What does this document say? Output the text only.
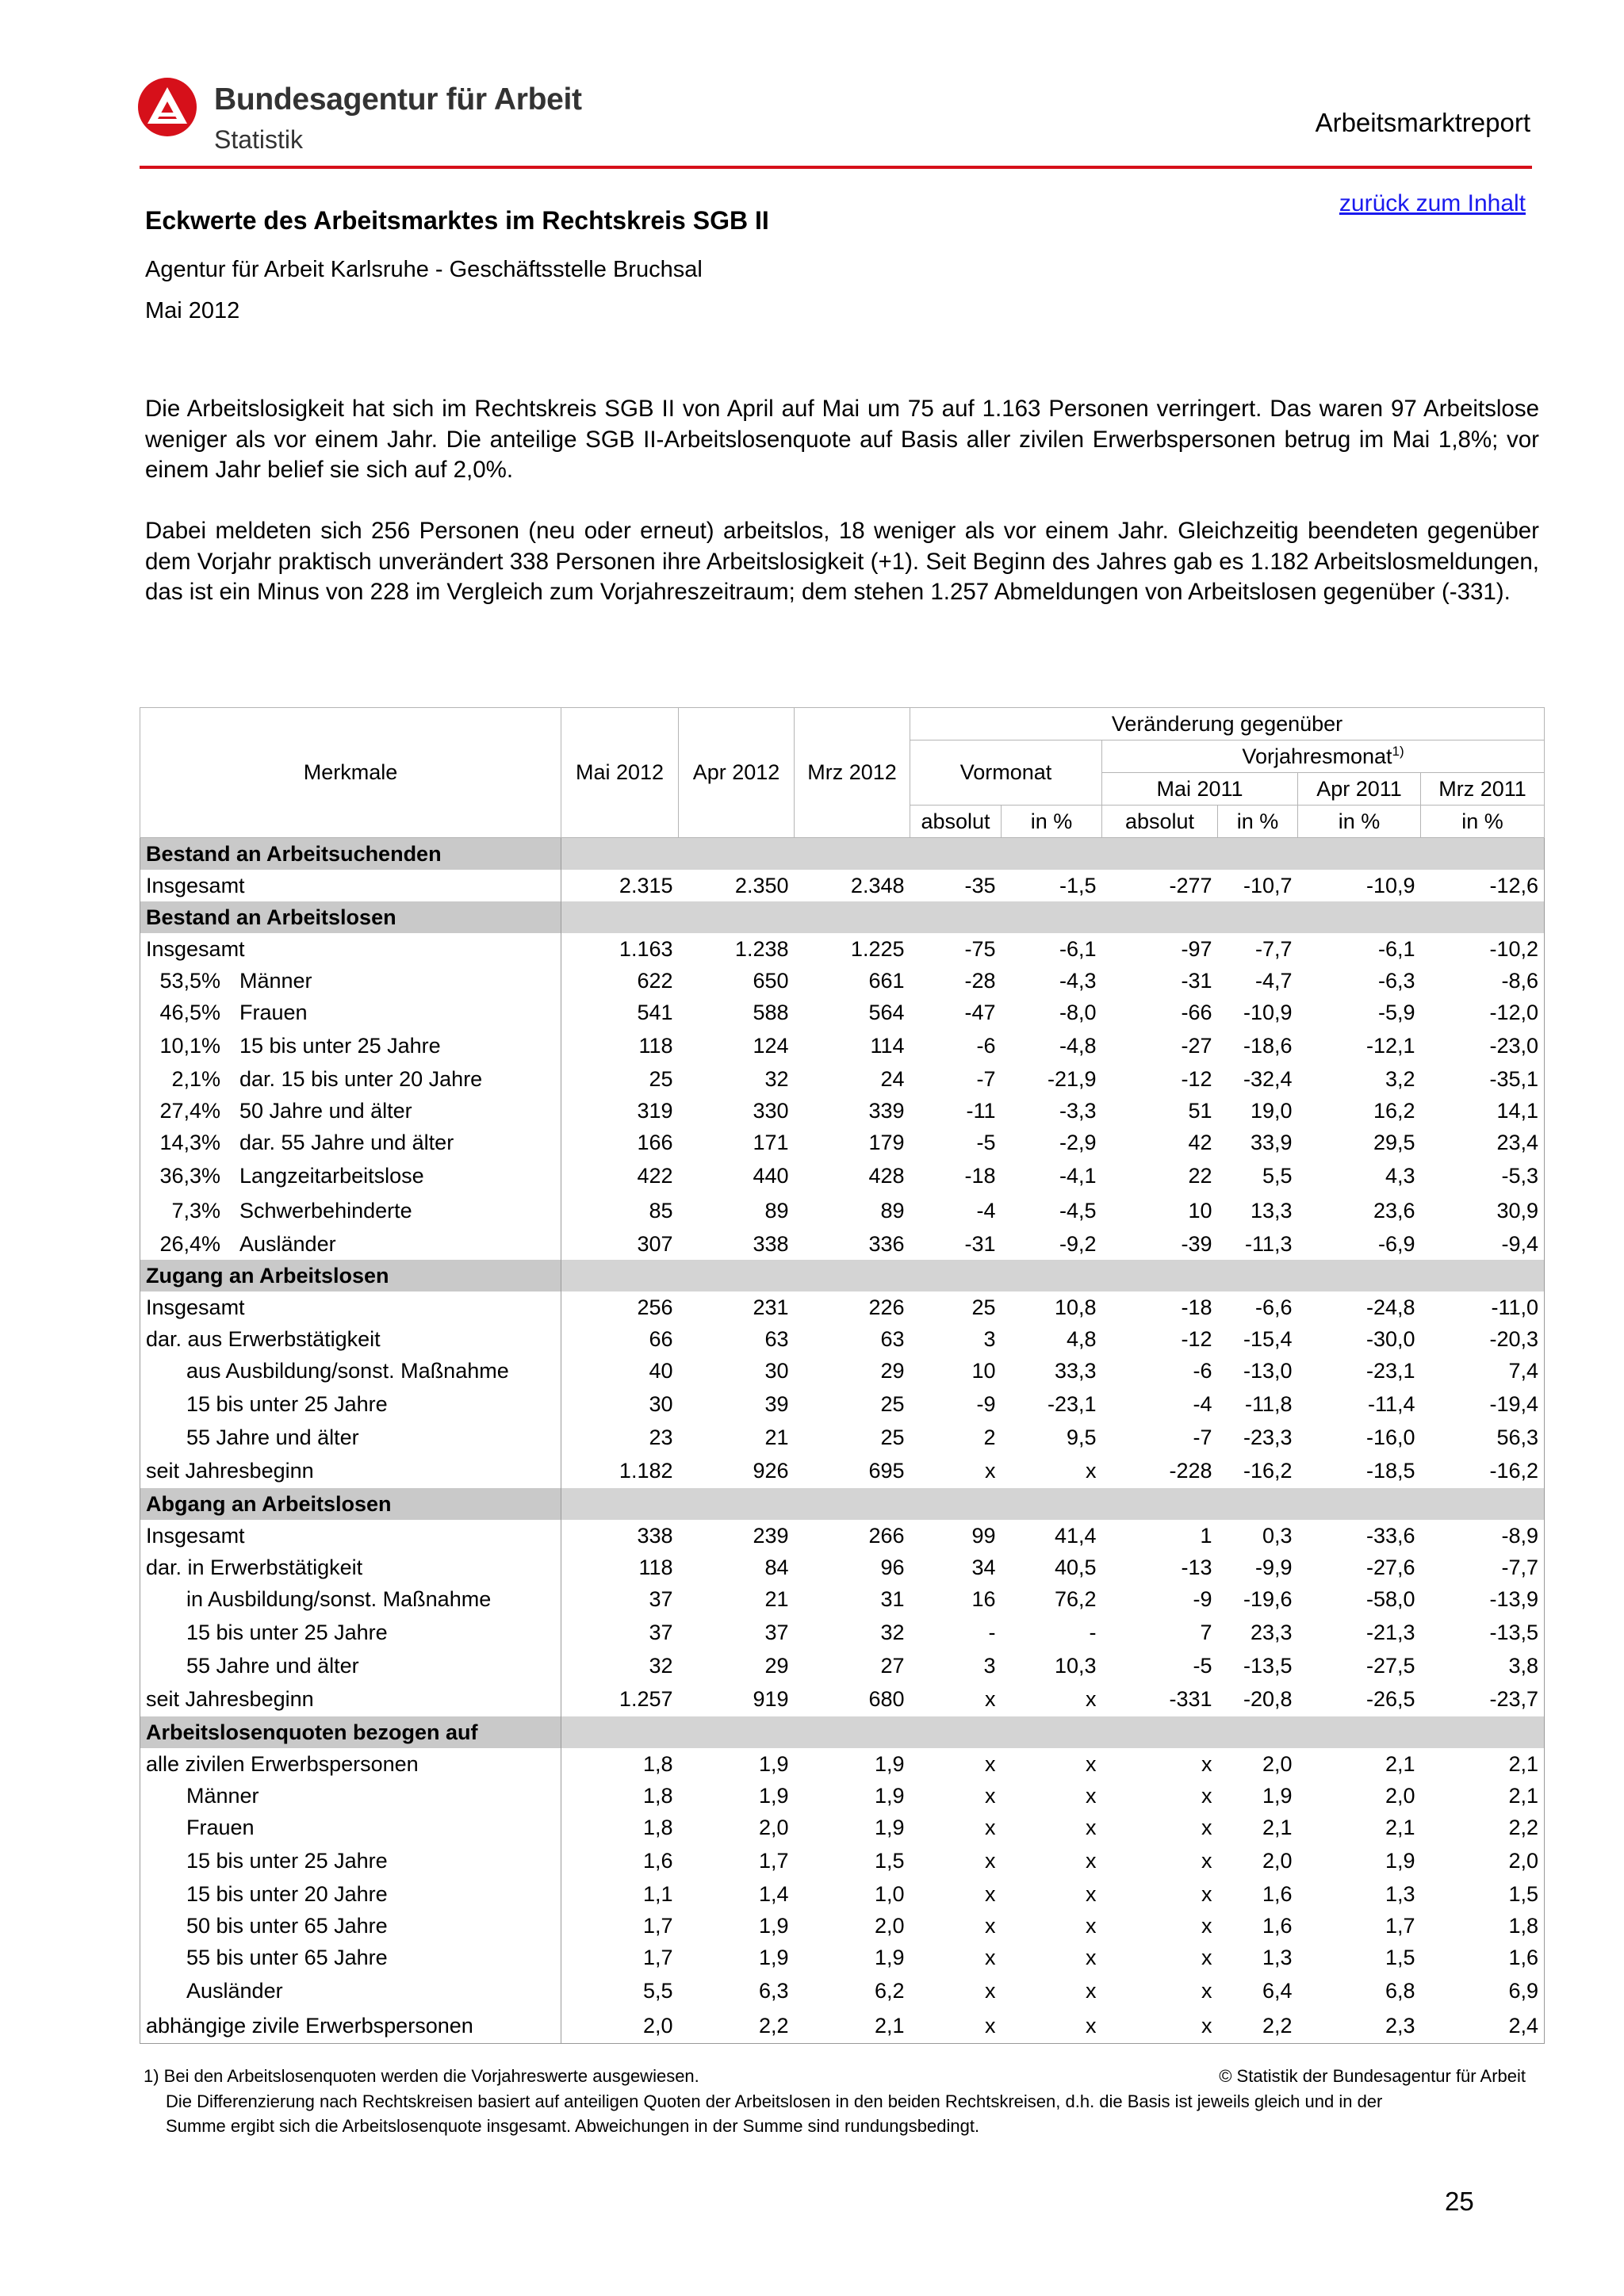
Bundesagentur für Arbeit
Statistik
Arbeitsmarktreport
zurück zum Inhalt
Eckwerte des Arbeitsmarktes im Rechtskreis SGB II
Agentur für Arbeit Karlsruhe - Geschäftsstelle Bruchsal
Mai 2012
Die Arbeitslosigkeit hat sich im Rechtskreis SGB II von April auf Mai um 75 auf 1.163 Personen verringert. Das waren 97 Arbeitslose weniger als vor einem Jahr. Die anteilige SGB II-Arbeitslosenquote auf Basis aller zivilen Erwerbspersonen betrug im Mai 1,8%; vor einem Jahr belief sie sich auf 2,0%.
Dabei meldeten sich 256 Personen (neu oder erneut) arbeitslos, 18 weniger als vor einem Jahr. Gleichzeitig beendeten gegenüber dem Vorjahr praktisch unverändert 338 Personen ihre Arbeitslosigkeit (+1). Seit Beginn des Jahres gab es 1.182 Arbeitslosmeldungen, das ist ein Minus von 228 im Vergleich zum Vorjahreszeitraum; dem stehen 1.257 Abmeldungen von Arbeitslosen gegenüber (-331).
Merkmale	Mai 2012	Apr 2012	Mrz 2012	Veränderung gegenüber					
				Vormonat		Vorjahresmonat$^{1)}$
						Mai 2011		Apr 2011	Mrz 2011
				absolut	in %	absolut	in %	in %	in %
Bestand an Arbeitsuchenden									
Insgesamt	2.315	2.350	2.348	-35	-1,5	-277	-10,7	-10,9	-12,6
Bestand an Arbeitslosen									
Insgesamt	1.163	1.238	1.225	-75	-6,1	-97	-7,7	-6,1	-10,2
53,5% Männer	622	650	661	-28	-4,3	-31	-4,7	-6,3	-8,6
46,5% Frauen	541	588	564	-47	-8,0	-66	-10,9	-5,9	-12,0
10,1% 15 bis unter 25 Jahre	118	124	114	-6	-4,8	-27	-18,6	-12,1	-23,0
2,1% dar. 15 bis unter 20 Jahre	25	32	24	-7	-21,9	-12	-32,4	3,2	-35,1
27,4% 50 Jahre und älter	319	330	339	-11	-3,3	51	19,0	16,2	14,1
14,3% dar. 55 Jahre und älter	166	171	179	-5	-2,9	42	33,9	29,5	23,4
36,3% Langzeitarbeitslose	422	440	428	-18	-4,1	22	5,5	4,3	-5,3
7,3% Schwerbehinderte	85	89	89	-4	-4,5	10	13,3	23,6	30,9
26,4% Ausländer	307	338	336	-31	-9,2	-39	-11,3	-6,9	-9,4
Zugang an Arbeitslosen									
Insgesamt	256	231	226	25	10,8	-18	-6,6	-24,8	-11,0
dar. aus Erwerbstätigkeit	66	63	63	3	4,8	-12	-15,4	-30,0	-20,3
aus Ausbildung/sonst. Maßnahme	40	30	29	10	33,3	-6	-13,0	-23,1	7,4
15 bis unter 25 Jahre	30	39	25	-9	-23,1	-4	-11,8	-11,4	-19,4
55 Jahre und älter	23	21	25	2	9,5	-7	-23,3	-16,0	56,3
seit Jahresbeginn	1.182	926	695	x	x	-228	-16,2	-18,5	-16,2
Abgang an Arbeitslosen									
Insgesamt	338	239	266	99	41,4	1	0,3	-33,6	-8,9
dar. in Erwerbstätigkeit	118	84	96	34	40,5	-13	-9,9	-27,6	-7,7
in Ausbildung/sonst. Maßnahme	37	21	31	16	76,2	-9	-19,6	-58,0	-13,9
15 bis unter 25 Jahre	37	37	32	-	-	7	23,3	-21,3	-13,5
55 Jahre und älter	32	29	27	3	10,3	-5	-13,5	-27,5	3,8
seit Jahresbeginn	1.257	919	680	x	x	-331	-20,8	-26,5	-23,7
Arbeitslosenquoten bezogen auf									
alle zivilen Erwerbspersonen	1,8	1,9	1,9	x	x	x	2,0	2,1	2,1
Männer	1,8	1,9	1,9	x	x	x	1,9	2,0	2,1
Frauen	1,8	2,0	1,9	x	x	x	2,1	2,1	2,2
15 bis unter 25 Jahre	1,6	1,7	1,5	x	x	x	2,0	1,9	2,0
15 bis unter 20 Jahre	1,1	1,4	1,0	x	x	x	1,6	1,3	1,5
50 bis unter 65 Jahre	1,7	1,9	2,0	x	x	x	1,6	1,7	1,8
55 bis unter 65 Jahre	1,7	1,9	1,9	x	x	x	1,3	1,5	1,6
Ausländer	5,5	6,3	6,2	x	x	x	6,4	6,8	6,9
abhängige zivile Erwerbspersonen	2,0	2,2	2,1	x	x	x	2,2	2,3	2,4
1) Bei den Arbeitslosenquoten werden die Vorjahreswerte ausgewiesen.	© Statistik der Bundesagentur für Arbeit
Die Differenzierung nach Rechtskreisen basiert auf anteiligen Quoten der Arbeitslosen in den beiden Rechtskreisen, d.h. die Basis ist jeweils gleich und in der
Summe ergibt sich die Arbeitslosenquote insgesamt. Abweichungen in der Summe sind rundungsbedingt.
25
